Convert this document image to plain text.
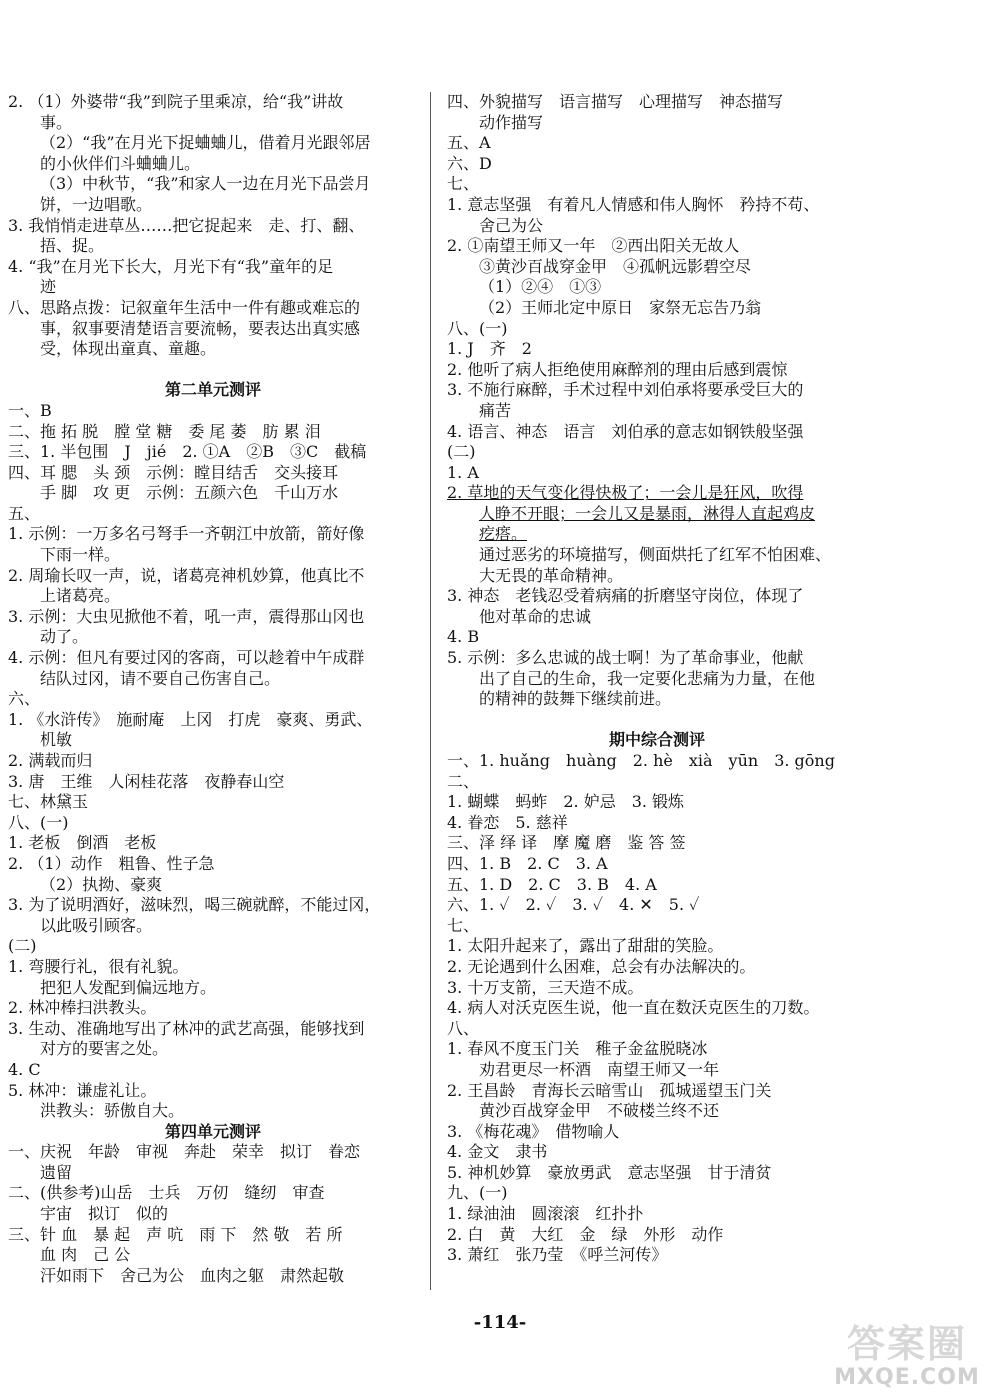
2. （1）外婆带“我”到院子里乘凉，给“我”讲故

事。

（2）“我”在月光下捉蛐蛐儿，借着月光跟邻居

的小伙伴们斗蛐蛐儿。

（3）中秋节，“我”和家人一边在月光下品尝月

饼，一边唱歌。

3. 我悄悄走进草丛……把它捉起来　走、打、翻、

捂、捉。

4. “我”在月光下长大，月光下有“我”童年的足

迹

八、思路点拨：记叙童年生活中一件有趣或难忘的

事，叙事要清楚语言要流畅，要表达出真实感

受，体现出童真、童趣。

第二单元测评

一、B

二、拖 拓 脱　膛 堂 糖　委 尾 萎　肪 累 泪

三、1. 半包围　J　jié　2. ①A　②B　③C　截稿

四、耳 腮　头 颈　示例：瞠目结舌　交头接耳

手 脚　攻 更　示例：五颜六色　千山万水

五、

1. 示例：一万多名弓弩手一齐朝江中放箭，箭好像

下雨一样。

2. 周瑜长叹一声，说，诸葛亮神机妙算，他真比不

上诸葛亮。

3. 示例：大虫见掀他不着，吼一声，震得那山冈也

动了。

4. 示例：但凡有要过冈的客商，可以趁着中午成群

结队过冈，请不要自己伤害自己。

六、

1. 《水浒传》　施耐庵　上冈　打虎　豪爽、勇武、

机敏

2. 满载而归

3. 唐　王维　人闲桂花落　夜静春山空

七、林黛玉

八、(一)

1. 老板　倒酒　老板

2. （1）动作　粗鲁、性子急

（2）执拗、豪爽

3. 为了说明酒好，滋味烈，喝三碗就醉，不能过冈，

以此吸引顾客。

(二)

1. 弯腰行礼，很有礼貌。

把犯人发配到偏远地方。

2. 林冲棒扫洪教头。

3. 生动、准确地写出了林冲的武艺高强，能够找到

对方的要害之处。

4. C

5. 林冲：谦虚礼让。

洪教头：骄傲自大。

第四单元测评

一、庆祝　年龄　审视　奔赴　荣幸　拟订　眷恋

遗留

二、(供参考)山岳　士兵　万仞　缝纫　审查

宇宙　拟订　似的

三、针 血　暴 起　声 吭　雨 下　然 敬　若 所

血 肉　己 公

汗如雨下　舍己为公　血肉之躯　肃然起敬

四、外貌描写　语言描写　心理描写　神态描写

动作描写

五、A

六、D

七、

1. 意志坚强　有着凡人情感和伟人胸怀　矜持不苟、

舍己为公

2. ①南望王师又一年　②西出阳关无故人

③黄沙百战穿金甲　④孤帆远影碧空尽

（1）②④　①③

（2）王师北定中原日　家祭无忘告乃翁

八、(一)

1. J　齐　2

2. 他听了病人拒绝使用麻醉剂的理由后感到震惊

3. 不施行麻醉，手术过程中刘伯承将要承受巨大的

痛苦

4. 语言、神态　语言　刘伯承的意志如钢铁般坚强

(二)

1. A

2. 草地的天气变化得快极了；一会儿是狂风，吹得

人睁不开眼；一会儿又是暴雨，淋得人直起鸡皮

疙瘩。

通过恶劣的环境描写，侧面烘托了红军不怕困难、

大无畏的革命精神。

3. 神态　老钱忍受着病痛的折磨坚守岗位，体现了

他对革命的忠诚

4. B

5. 示例：多么忠诚的战士啊！为了革命事业，他献

出了自己的生命，我一定要化悲痛为力量，在他

的精神的鼓舞下继续前进。

期中综合测评

一、1. huǎng　huàng　2. hè　xià　yūn　3. gōng

二、

1. 蝴蝶　蚂蚱　2. 妒忌　3. 锻炼

4. 眷恋　5. 慈祥

三、泽 绎 译　摩 魔 磨　鉴 答 签

四、1. B　2. C　3. A

五、1. D　2. C　3. B　4. A

六、1. ✓　2. ✓　3. ✓　4. ✕　5. ✓

七、

1. 太阳升起来了，露出了甜甜的笑脸。

2. 无论遇到什么困难，总会有办法解决的。

3. 十万支箭，三天造不成。

4. 病人对沃克医生说，他一直在数沃克医生的刀数。

八、

1. 春风不度玉门关　稚子金盆脱晓冰

劝君更尽一杯酒　南望王师又一年

2. 王昌龄　青海长云暗雪山　孤城遥望玉门关

黄沙百战穿金甲　不破楼兰终不还

3. 《梅花魂》　借物喻人

4. 金文　隶书

5. 神机妙算　豪放勇武　意志坚强　甘于清贫

九、(一)

1. 绿油油　圆滚滚　红扑扑

2. 白　黄　大红　金　绿　外形　动作

3. 萧红　张乃莹　《呼兰河传》

-114-	答案圈
MXQE.COM
